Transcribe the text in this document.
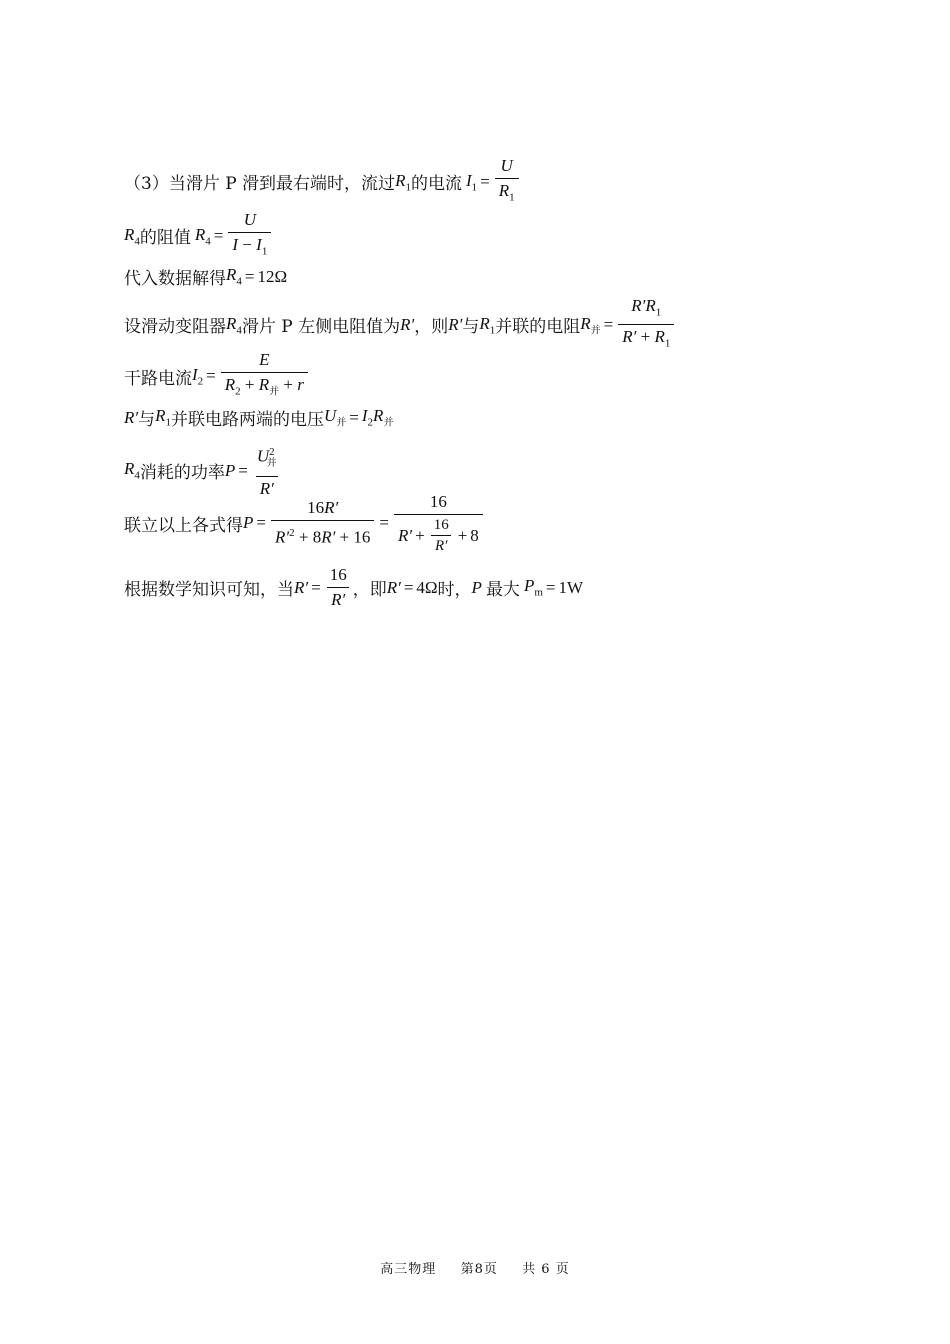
（3）当滑片 P 滑到最右端时，流过 $R_1$ 的电流 $I_1 = \frac{U}{R_1}$
$R_4$ 的阻值 $R_4 = \frac{U}{I - I_1}$
代入数据解得 $R_4 = 12\Omega$
设滑动变阻器 $R_4$ 滑片 P 左侧电阻值为 R′ ，则 R′ 与 $R_1$ 并联的电阻 $R_并 = \frac{R'R_1}{R' + R_1}$
干路电流 $I_2 = \frac{E}{R_2 + R_并 + r}$
R′ 与 $R_1$ 并联电路两端的电压 $U_并 = I_2R_并$
$R_4$ 消耗的功率 $P = \frac{U^2_并}{R'}$
联立以上各式得 $P = \frac{16R'}{R'^2 + 8R' + 16} = \frac{16}{R' + \frac{16}{R'} + 8}$
根据数学知识可知，当 $R' = \frac{16}{R'}$ ，即 R′ = 4Ω 时， P 最大 $P_m = 1W$
高三物理 第8页 共 6 页
